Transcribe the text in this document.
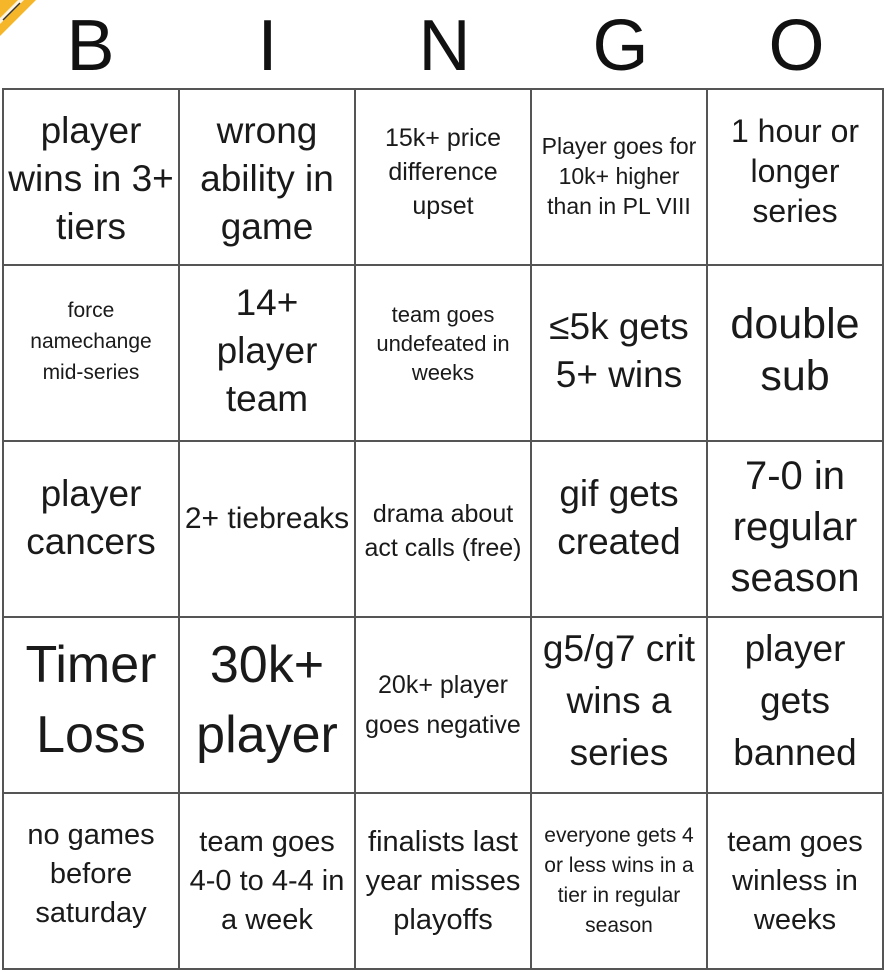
B	I	N	G	O
player wins in 3+ tiers
wrong ability in game
15k+ price difference upset
Player goes for 10k+ higher than in PL VIII
1 hour or longer series
force namechange mid-series
14+ player team
team goes undefeated in weeks
≤5k gets 5+ wins
double sub
player cancers
2+ tiebreaks drama about act calls (free)
gif gets created
7-0 in regular season
Timer Loss
30k+ player
20k+ player goes negative
g5/g7 crit wins a series
player gets banned
no games before saturday
team goes 4-0 to 4-4 in a week
finalists last year misses playoffs
everyone gets 4 or less wins in a tier in regular season
team goes winless in weeks
